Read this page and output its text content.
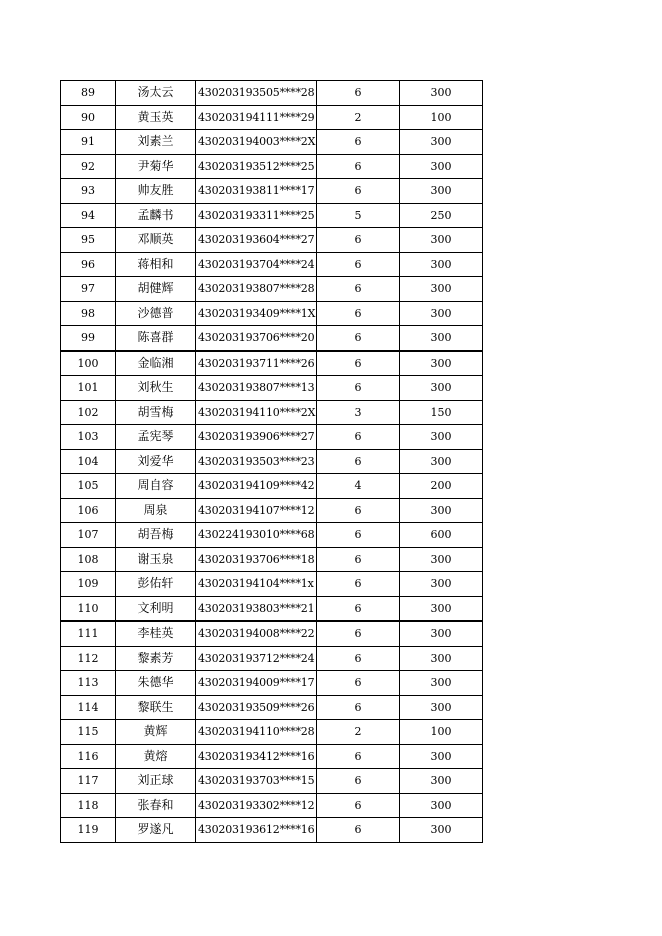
89	汤太云	430203193505****28	6	300
90	黄玉英	430203194111****29	2	100
91	刘素兰	430203194003****2X	6	300
92	尹菊华	430203193512****25	6	300
93	帅友胜	430203193811****17	6	300
94	孟麟书	430203193311****25	5	250
95	邓顺英	430203193604****27	6	300
96	蒋相和	430203193704****24	6	300
97	胡健辉	430203193807****28	6	300
98	沙德普	430203193409****1X	6	300
99	陈喜群	430203193706****20	6	300
100	金临湘	430203193711****26	6	300
101	刘秋生	430203193807****13	6	300
102	胡雪梅	430203194110****2X	3	150
103	孟宪琴	430203193906****27	6	300
104	刘爱华	430203193503****23	6	300
105	周自容	430203194109****42	4	200
106	周泉	430203194107****12	6	300
107	胡吾梅	430224193010****68	6	600
108	谢玉泉	430203193706****18	6	300
109	彭佑轩	430203194104****1x	6	300
110	文利明	430203193803****21	6	300
111	李桂英	430203194008****22	6	300
112	黎素芳	430203193712****24	6	300
113	朱德华	430203194009****17	6	300
114	黎联生	430203193509****26	6	300
115	黄辉	430203194110****28	2	100
116	黄熔	430203193412****16	6	300
117	刘正球	430203193703****15	6	300
118	张春和	430203193302****12	6	300
119	罗遂凡	430203193612****16	6	300
